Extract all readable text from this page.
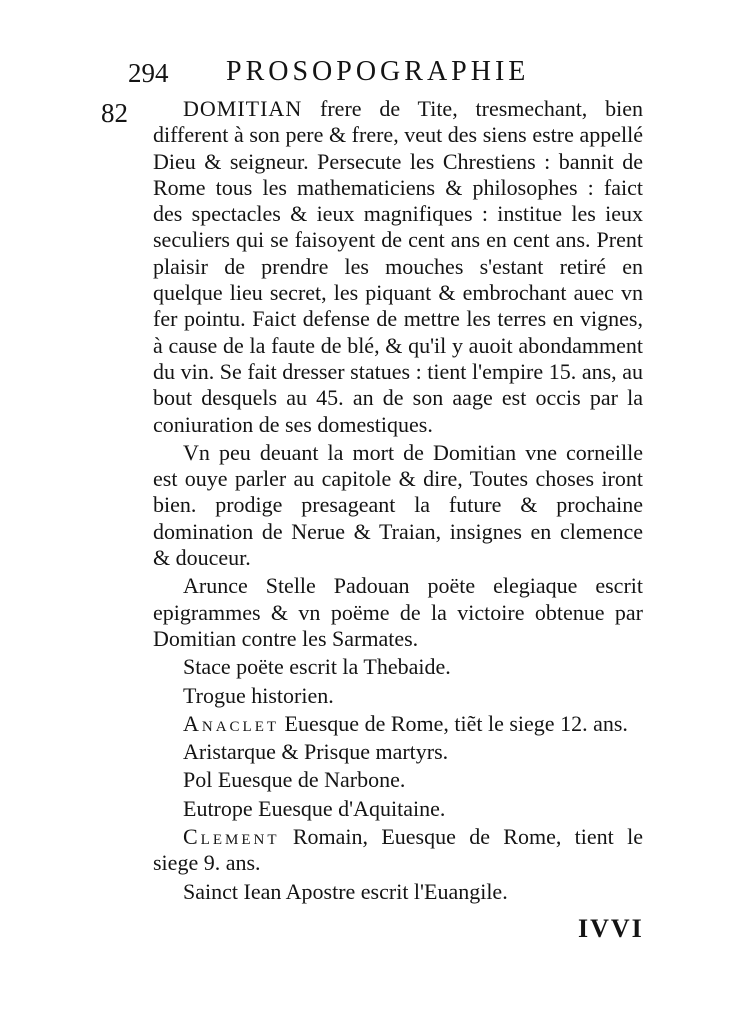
294 PROSOPOGRAPHIE
82	DOMITIAN frere de Tite, tresmechant, bien different à son pere & frere, veut des siens estre appellé Dieu & seigneur. Persecute les Chrestiens : bannit de Rome tous les mathematiciens & philosophes : faict des spectacles & ieux magnifiques : institue les ieux seculiers qui se faisoyent de cent ans en cent ans. Prent plaisir de prendre les mouches s'estant retiré en quelque lieu secret, les piquant & embrochant auec vn fer pointu. Faict defense de mettre les terres en vignes, à cause de la faute de blé, & qu'il y auoit abondamment du vin. Se fait dresser statues : tient l'empire 15. ans, au bout desquels au 45. an de son aage est occis par la coniuration de ses domestiques.

Vn peu deuant la mort de Domitian vne corneille est ouye parler au capitole & dire, Toutes choses iront bien. prodige presageant la future & prochaine domination de Nerue & Traian, insignes en clemence & douceur.

Arunce Stelle Padouan poëte elegiaque escrit epigrammes & vn poëme de la victoire obtenue par Domitian contre les Sarmates.

Stace poëte escrit la Thebaide.

Trogue historien.

Anaclet Euesque de Rome, tiẽt le siege 12. ans.

Aristarque & Prisque martyrs.

Pol Euesque de Narbone.

Eutrope Euesque d'Aquitaine.

Clement Romain, Euesque de Rome, tient le siege 9. ans.

Sainct Iean Apostre escrit l'Euangile.

IVVI
